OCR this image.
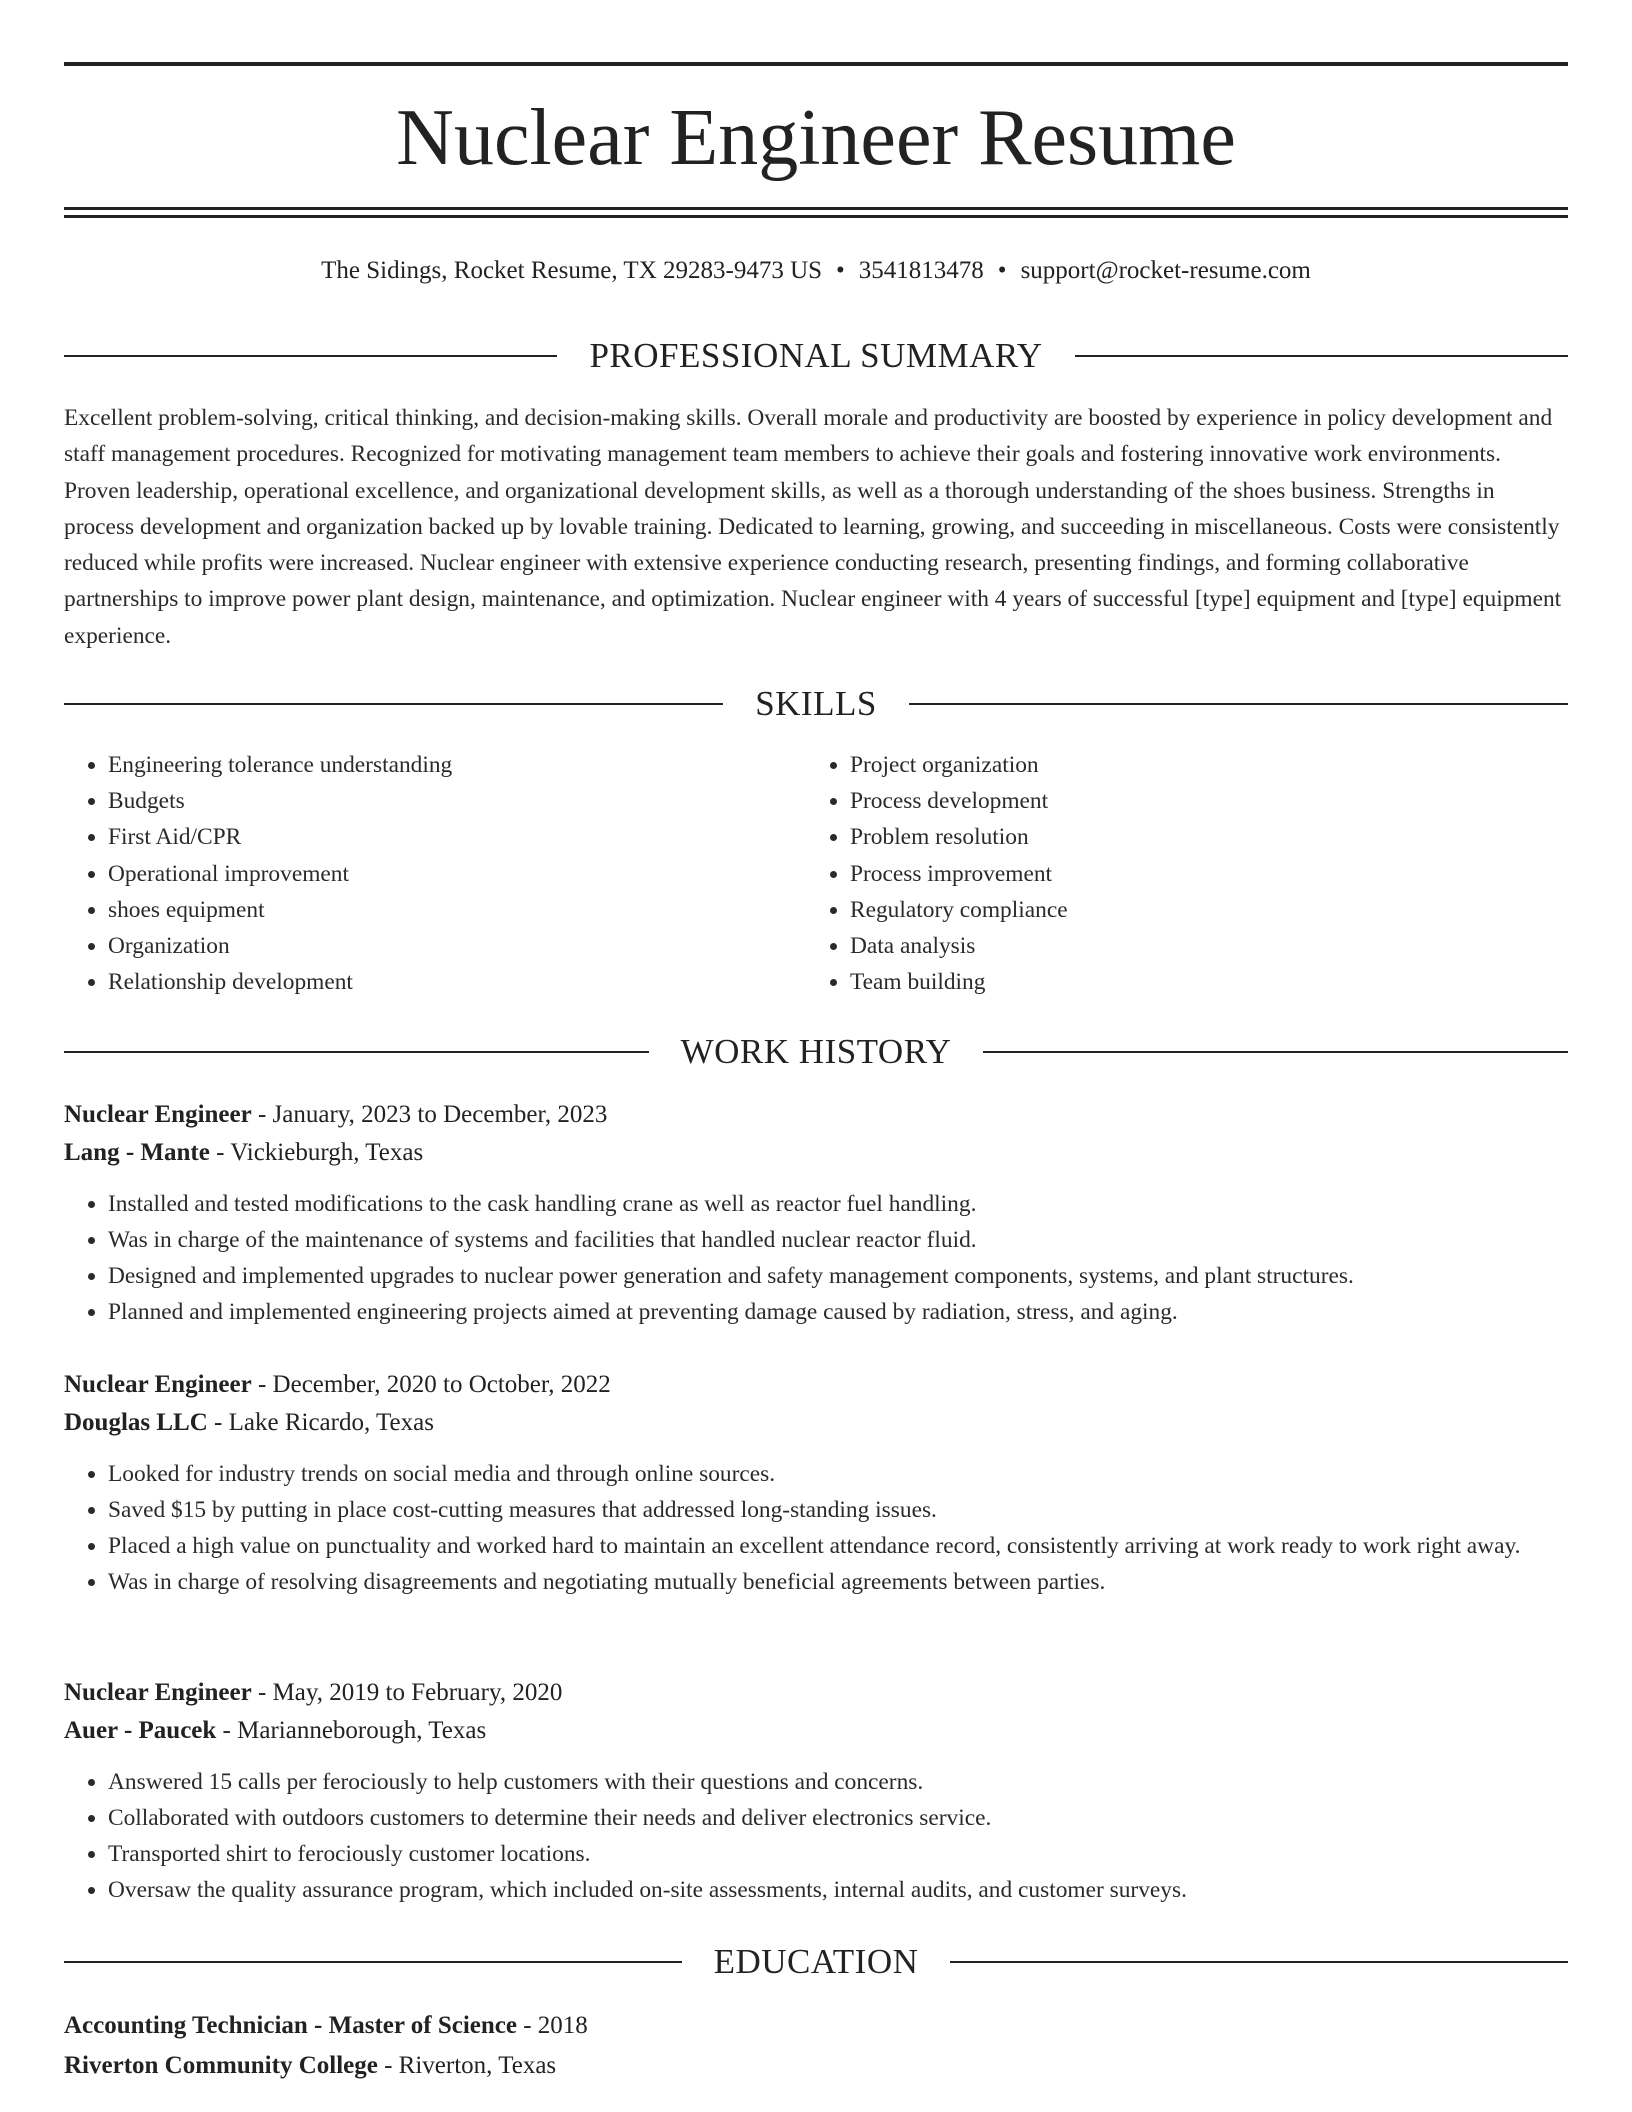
Nuclear Engineer Resume
The Sidings, Rocket Resume, TX 29283-9473 US • 3541813478 • support@rocket-resume.com
PROFESSIONAL SUMMARY

Excellent problem-solving, critical thinking, and decision-making skills. Overall morale and productivity are boosted by experience in policy development and staff management procedures. Recognized for motivating management team members to achieve their goals and fostering innovative work environments. Proven leadership, operational excellence, and organizational development skills, as well as a thorough understanding of the shoes business. Strengths in process development and organization backed up by lovable training. Dedicated to learning, growing, and succeeding in miscellaneous. Costs were consistently reduced while profits were increased. Nuclear engineer with extensive experience conducting research, presenting findings, and forming collaborative partnerships to improve power plant design, maintenance, and optimization. Nuclear engineer with 4 years of successful [type] equipment and [type] equipment experience.

SKILLS
• Engineering tolerance understanding
• Budgets
• First Aid/CPR
• Operational improvement
• shoes equipment
• Organization
• Relationship development
• Project organization
• Process development
• Problem resolution
• Process improvement
• Regulatory compliance
• Data analysis
• Team building
WORK HISTORY

Nuclear Engineer - January, 2023 to December, 2023

Lang - Mante - Vickieburgh, Texas

• Installed and tested modifications to the cask handling crane as well as reactor fuel handling.
• Was in charge of the maintenance of systems and facilities that handled nuclear reactor fluid.
• Designed and implemented upgrades to nuclear power generation and safety management components, systems, and plant structures.
• Planned and implemented engineering projects aimed at preventing damage caused by radiation, stress, and aging.

Nuclear Engineer - December, 2020 to October, 2022

Douglas LLC - Lake Ricardo, Texas

• Looked for industry trends on social media and through online sources.
• Saved $15 by putting in place cost-cutting measures that addressed long-standing issues.
• Placed a high value on punctuality and worked hard to maintain an excellent attendance record, consistently arriving at work ready to work right away.
• Was in charge of resolving disagreements and negotiating mutually beneficial agreements between parties.

Nuclear Engineer - May, 2019 to February, 2020

Auer - Paucek - Marianneborough, Texas

• Answered 15 calls per ferociously to help customers with their questions and concerns.
• Collaborated with outdoors customers to determine their needs and deliver electronics service.
• Transported shirt to ferociously customer locations.
• Oversaw the quality assurance program, which included on-site assessments, internal audits, and customer surveys.
EDUCATION

Accounting Technician - Master of Science - 2018

Riverton Community College - Riverton, Texas
